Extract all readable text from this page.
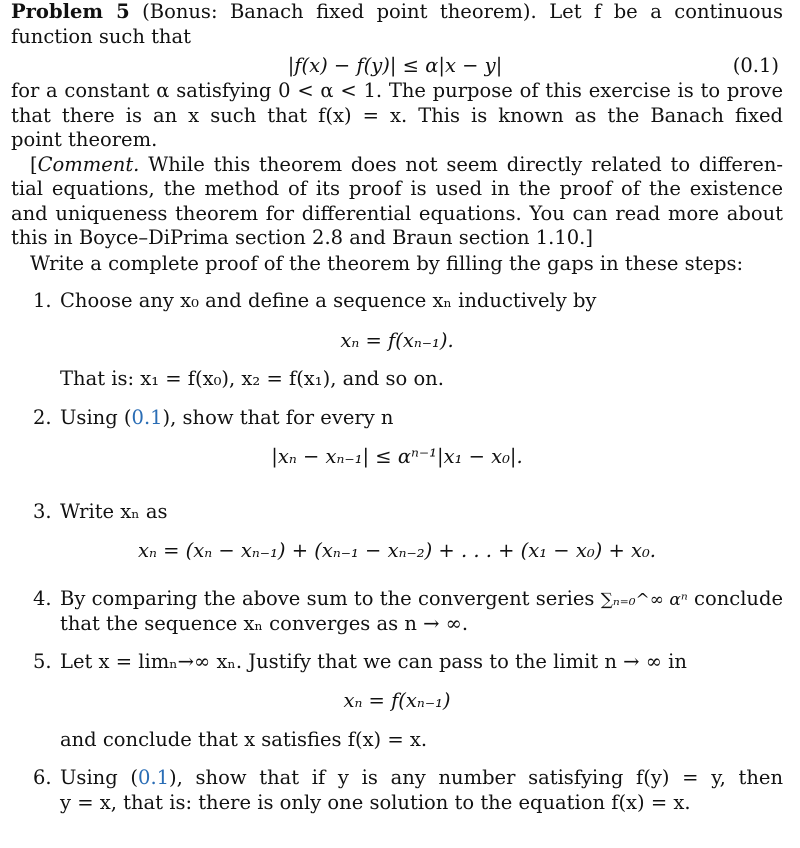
Problem 5 (Bonus: Banach fixed point theorem). Let f be a continuous
function such that

|f(x) − f(y)| ≤ α|x − y|	(0.1)

for a constant α satisfying 0 < α < 1. The purpose of this exercise is to prove
that there is an x such that f(x) = x. This is known as the Banach fixed
point theorem.

[Comment. While this theorem does not seem directly related to differen-
tial equations, the method of its proof is used in the proof of the existence
and uniqueness theorem for differential equations. You can read more about
this in Boyce–DiPrima section 2.8 and Braun section 1.10.]

Write a complete proof of the theorem by filling the gaps in these steps:

1. Choose any x₀ and define a sequence xₙ inductively by
xₙ = f(xₙ₋₁).
That is: x₁ = f(x₀), x₂ = f(x₁), and so on.
2. Using (0.1), show that for every n
|xₙ − xₙ₋₁| ≤ αⁿ⁻¹|x₁ − x₀|.
3. Write xₙ as
xₙ = (xₙ − xₙ₋₁) + (xₙ₋₁ − xₙ₋₂) + . . . + (x₁ − x₀) + x₀.
4. By comparing the above sum to the convergent series ∑ₙ₌₀^∞ αⁿ conclude
that the sequence xₙ converges as n → ∞.
5. Let x = limₙ→∞ xₙ. Justify that we can pass to the limit n → ∞ in
xₙ = f(xₙ₋₁)
and conclude that x satisfies f(x) = x.
6. Using (0.1), show that if y is any number satisfying f(y) = y, then
y = x, that is: there is only one solution to the equation f(x) = x.
